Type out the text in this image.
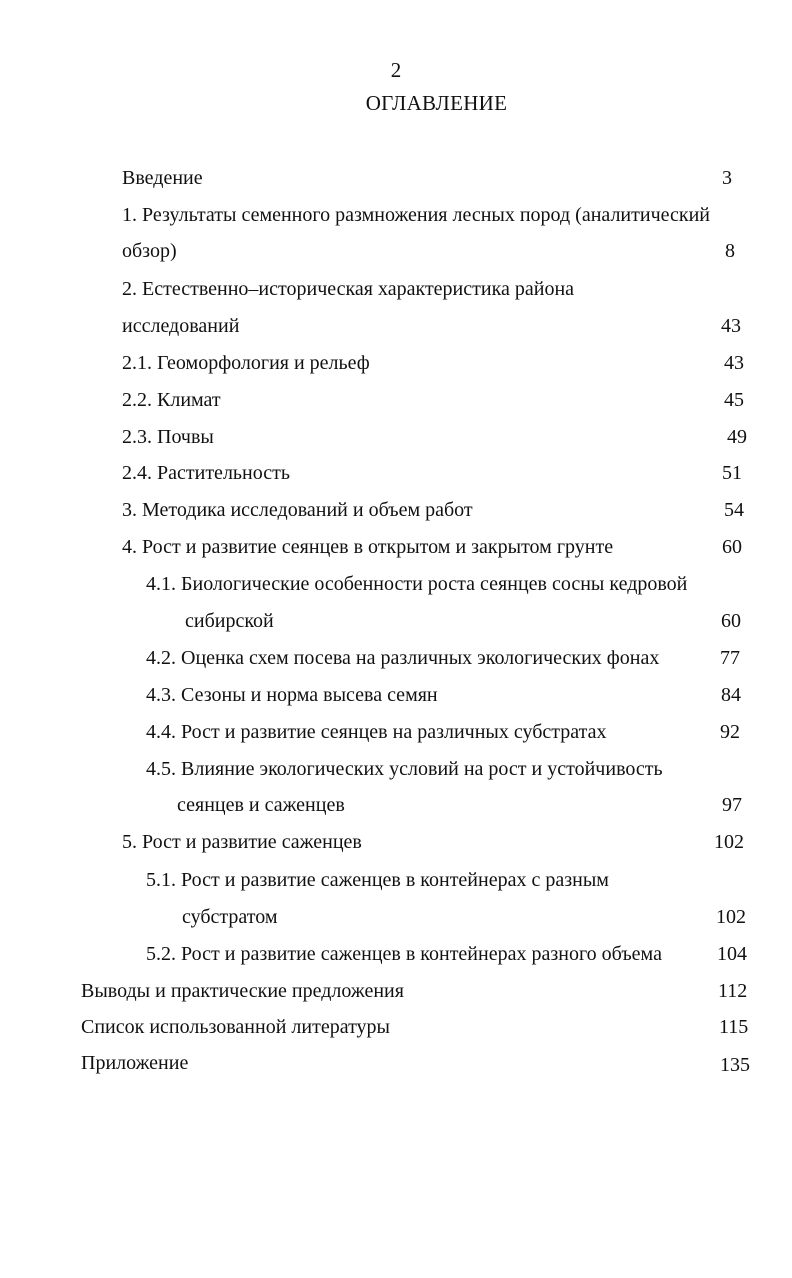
2
ОГЛАВЛЕНИЕ
Введение	3
1. Результаты семенного размножения лесных пород (аналитический
обзор)	8
2. Естественно–историческая характеристика района
исследований	43
2.1. Геоморфология и рельеф	43
2.2. Климат	45
2.3. Почвы	49
2.4. Растительность	51
3. Методика исследований и объем работ	54
4. Рост и развитие сеянцев в открытом и закрытом грунте	60
4.1. Биологические особенности роста сеянцев сосны кедровой
сибирской	60
4.2. Оценка схем посева на различных экологических фонах	77
4.3. Сезоны и норма высева семян	84
4.4. Рост и развитие сеянцев на различных субстратах	92
4.5. Влияние экологических условий на рост и устойчивость
сеянцев и саженцев	97
5. Рост и развитие саженцев	102
5.1. Рост и развитие саженцев в контейнерах с разным
субстратом	102
5.2. Рост и развитие саженцев в контейнерах разного объема	104
Выводы и практические предложения	112
Список использованной литературы	115
Приложение	135
